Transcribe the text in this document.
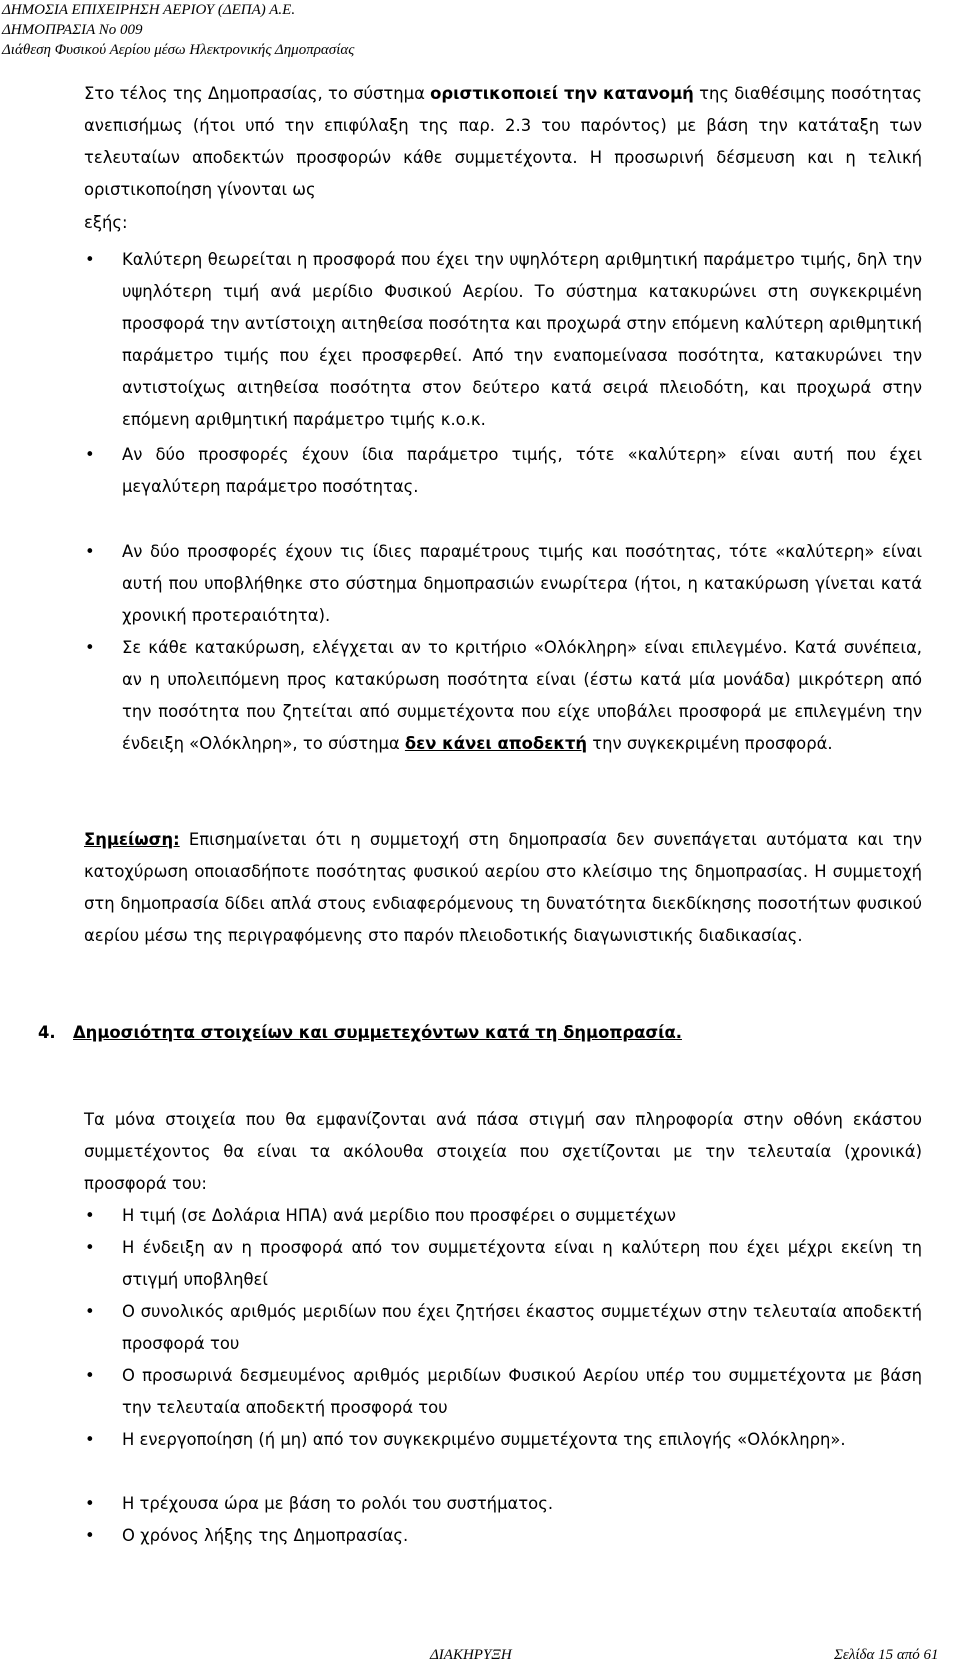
ΔΗΜΟΣΙΑ ΕΠΙΧΕΙΡΗΣΗ ΑΕΡΙΟΥ (ΔΕΠΑ) Α.Ε.
ΔΗΜΟΠΡΑΣΙΑ Νο 009
Διάθεση Φυσικού Αερίου μέσω Ηλεκτρονικής Δημοπρασίας
Στο τέλος της Δημοπρασίας, το σύστημα οριστικοποιεί την κατανομή της διαθέσιμης ποσότητας ανεπισήμως (ήτοι υπό την επιφύλαξη της παρ. 2.3 του παρόντος) με βάση την κατάταξη των τελευταίων αποδεκτών προσφορών κάθε συμμετέχοντα. Η προσωρινή δέσμευση και η τελική οριστικοποίηση γίνονται ως
εξής:
• Καλύτερη θεωρείται η προσφορά που έχει την υψηλότερη αριθμητική παράμετρο τιμής, δηλ την υψηλότερη τιμή ανά μερίδιο Φυσικού Αερίου. Το σύστημα κατακυρώνει στη συγκεκριμένη προσφορά την αντίστοιχη αιτηθείσα ποσότητα και προχωρά στην επόμενη καλύτερη αριθμητική παράμετρο τιμής που έχει προσφερθεί. Από την εναπομείνασα ποσότητα, κατακυρώνει την αντιστοίχως αιτηθείσα ποσότητα στον δεύτερο κατά σειρά πλειοδότη, και προχωρά στην επόμενη αριθμητική παράμετρο τιμής κ.ο.κ.
• Αν δύο προσφορές έχουν ίδια παράμετρο τιμής, τότε «καλύτερη» είναι αυτή που έχει μεγαλύτερη παράμετρο ποσότητας.
• Αν δύο προσφορές έχουν τις ίδιες παραμέτρους τιμής και ποσότητας, τότε «καλύτερη» είναι αυτή που υποβλήθηκε στο σύστημα δημοπρασιών ενωρίτερα (ήτοι, η κατακύρωση γίνεται κατά χρονική προτεραιότητα).
• Σε κάθε κατακύρωση, ελέγχεται αν το κριτήριο «Ολόκληρη» είναι επιλεγμένο. Κατά συνέπεια, αν η υπολειπόμενη προς κατακύρωση ποσότητα είναι (έστω κατά μία μονάδα) μικρότερη από την ποσότητα που ζητείται από συμμετέχοντα που είχε υποβάλει προσφορά με επιλεγμένη την ένδειξη «Ολόκληρη», το σύστημα δεν κάνει αποδεκτή την συγκεκριμένη προσφορά.
Σημείωση: Επισημαίνεται ότι η συμμετοχή στη δημοπρασία δεν συνεπάγεται αυτόματα και την κατοχύρωση οποιασδήποτε ποσότητας φυσικού αερίου στο κλείσιμο της δημοπρασίας. Η συμμετοχή στη δημοπρασία δίδει απλά στους ενδιαφερόμενους τη δυνατότητα διεκδίκησης ποσοτήτων φυσικού αερίου μέσω της περιγραφόμενης στο παρόν πλειοδοτικής διαγωνιστικής διαδικασίας.
Τα μόνα στοιχεία που θα εμφανίζονται ανά πάσα στιγμή σαν πληροφορία στην οθόνη εκάστου συμμετέχοντος θα είναι τα ακόλουθα στοιχεία που σχετίζονται με την τελευταία (χρονικά) προσφορά του:
• Η τιμή (σε Δολάρια ΗΠΑ) ανά μερίδιο που προσφέρει ο συμμετέχων
• Η ένδειξη αν η προσφορά από τον συμμετέχοντα είναι η καλύτερη που έχει μέχρι εκείνη τη στιγμή υποβληθεί
• Ο συνολικός αριθμός μεριδίων που έχει ζητήσει έκαστος συμμετέχων στην τελευταία αποδεκτή προσφορά του
• Ο προσωρινά δεσμευμένος αριθμός μεριδίων Φυσικού Αερίου υπέρ του συμμετέχοντα με βάση την τελευταία αποδεκτή προσφορά του
• Η ενεργοποίηση (ή μη) από τον συγκεκριμένο συμμετέχοντα της επιλογής «Ολόκληρη».
• Η τρέχουσα ώρα με βάση το ρολόι του συστήματος.
• Ο χρόνος λήξης της Δημοπρασίας.
4. Δημοσιότητα στοιχείων και συμμετεχόντων κατά τη δημοπρασία.
ΔΙΑΚΗΡΥΞΗ	Σελίδα 15 από 61
